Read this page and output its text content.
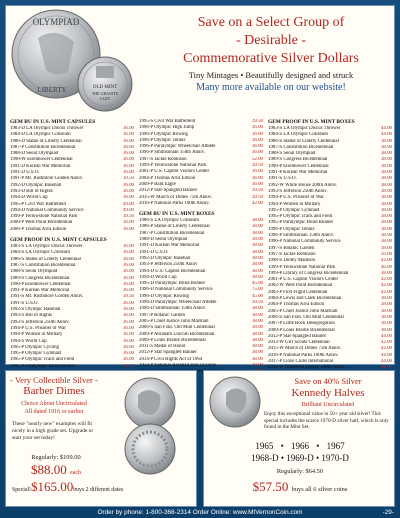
OLYMPIAD
LIBERTY	OLD MINT
THE GRANITE
LADY
Save on a Select Group of
- Desirable -
Commemorative Silver Dollars
Tiny Mintages • Beautifully designed and struck
Many more available on our website!
GEM BU IN U.S. MINT CAPSULES
1983-D LA Olympic Discus Thrower	36.00
1984-D LA Olympic Coliseum	36.00
1986-D Statue of Liberty Centennial	36.00
1987-P Constitution Bicentennial	36.00
1988-D Seoul Olympiad	36.00
1990-W Eisenhower Centennial	36.00
1991-D Korean War Memorial	36.00
1991-D U.S.O.	36.00
1991-P Mt. Rushmore Golden Anniv.	39.50
1992-D Olympic Baseball	36.00
1993-D Bill of Rights	36.00
1994-D World Cup	36.00
1995-P Civil War Battlefield	49.00
1994-D National Community Service	49.00
1999-P Yellowstone National Park	39.50
2000-P West Point Bicentennial	36.00
2006-P Thomas Alva Edison	36.00
GEM PROOF IN U.S. MINT CAPSULES
1983-S LA Olympic Discus Thrower	36.00
1984-S LA Olympic Coliseum	36.00
1986-S Statue of Liberty Centennial	36.00
1987-S Constitution Bicentennial	36.00
1988-S Seoul Olympiad	36.00
1989-S Congress Bicentennial	36.00
1990-P Eisenhower Centennial	36.00
1991-P Korean War Memorial	36.00
1991-S Mt. Rushmore Golden Anniv.	39.50
1991-S U.S.O.	36.00
1992-S Olympic Baseball	36.00
1993-S Bill of Rights	36.00
1993-S Jefferson 250th Anniv.	36.00
1994-P U.S. Prisoner of War	36.00
1994-P Women in Military	36.00
1994-S World Cup	36.00
1995-P Olympic Cycling	36.00
1995-P Olympic Gymnast	36.00
1995-P Olympic Track and Field	36.00
1995-P Paralympic Blind Runner	36.00
1995-S Civil War Battlefield	39.50
1996-P Olympic High Jump	36.00
1996-P Olympic Rowing	36.00
1996-P Olympic Tennis	36.00
1996-P Paralympic Wheelchair Athlete	36.00
1996-P Smithsonian 150th Anniv.	36.00
1997-S Jackie Robinson	52.00
1999-P Yellowstone National Park	39.50
2001-P U.S. Capitol Visitors Center	36.00
2004-P Thomas Alva Edison	36.00
2009-P Bald Eagle	36.00
2012-P Star-Spangled Banner	39.50
2015-W March of Dimes 75th Anniv.	39.50
2016-P National Parks 100th Anniv.	42.00
GEM BU IN U.S. MINT BOXES
1986-S LA Olympic Coliseum	38.00
1986-P Statue of Liberty Centennial	38.00
1987-P Constitution Bicentennial	38.00
1988-D Seoul Olympiad	38.00
1991-D Korean War Memorial	38.00
1991-D U.S.O.	38.00
1992-D Olympic Baseball	38.00
1993-P Jefferson 250th Anniv	38.00
1994-D U.S. Capitol Bicentennial	38.00
1994-D World Cup	38.00
1995-D Paralympic Blind Runner	45.00
1996-D National Community Service	75.00
1996-D Olympic Rowing	45.00
1996-D Paralympic Wheelchair Athlete	39.50
1996-D Smithsonian 150th Anniv.	38.00
1997-P Botanic Garden	38.00
2005-P Chief Justice John Marshall	38.00
2006-S San Fran. Old Mint Centennial	38.00
2009-P Abraham Lincoln Bicentennial	38.00
2009-P Louis Braille Bicentennial	38.00
2011-S Medal of Honor	38.00
2012-P Star Spangled Banner	38.00
2014-P Civil Rights Act of 1964	38.00
2014-P National Baseball Hall of Fame	38.00
225th
GEM PROOF IN U.S. MINT BOXES
1983-S LA Olympic Discus Thrower	44.00
1984-S LA Olympic Coliseum	44.00
1986-S Statue of Liberty Centennial	38.00
1987-S Constitution Bicentennial	38.00
1988-S Seoul Olympiad	38.00
1989-S Congress Bicentennial	38.00
1990-P Eisenhower Centennial	38.00
1991-P Korean War Memorial	38.00
1991-S U.S.O.	38.00
1992-W White House 200th Anniv.	38.00
1993-S Jefferson 250th Anniv.	38.00
1994-P U.S. Prisoner of War	38.00
1994-P Women in Military	38.00
1995-P Olympic Gymnast	38.00
1995-P Olympic Track and Field	38.00
1995-P Paralympic Blind Runner	38.00
1996-P Olympic Tennis	38.00
1996-P Smithsonian 150th Anniv.	38.00
1996-P National Community Service	38.00
1997-S Botanic Garden	38.00
1997-S Jackie Robinson	56.00
1998-S Dolley Madison	42.00
1999-P Yellowstone National Park	46.00
1999-P Library of Congress Bicentennial	38.00
2001-P U.S. Capitol Visitors Center	42.00
2002-W West Point Bicentennial	42.00
2003-P First Flight Centennial	42.00
2004-P Lewis and Clark Bicentennial	38.00
2004-P Thomas Alva Edison	38.00
2005-P Chief Justice John Marshall	38.00
2006-S San Fran. Old Mint Centennial	38.00
2007-P Little Rock Desegregation	38.00
2009-P Louis Braille Bicentennial	38.00
2012-P Star-Spangled Banner	44.00
2013-W Girl Scouts Centennial	42.00
2015-W March of Dimes 75th Anniv.	42.00
2016-P National Parks 100th Anniv.	44.00
2017-P Lions Clubs International	44.00
2018-W American Legion 100th Anniv.	48.00
- Very Collectible Silver -
Barber Dimes
Choice About Uncirculated
All dated 1916 or earlier
These "nearly new" examples will fit nicely in a high grade set. Upgrade or start your set today!
Regularly: $109.00
$88.00 each
Special!$165.00buys 2 different dates
Save on 40% Silver
Kennedy Halves
Brilliant Uncirculated
Enjoy this exceptional value in 50+ year old silver! This special includes the scarce 1970-D silver half, which is only found in the Mint Set.
1965 • 1966 • 1967
1968-D • 1969-D • 1970-D
Regularly: $64.50
$57.50 buys all 6 silver coins
Order by phone: 1-800-368-2314 Order Online: www.MtVernonCoin.com	-29-
